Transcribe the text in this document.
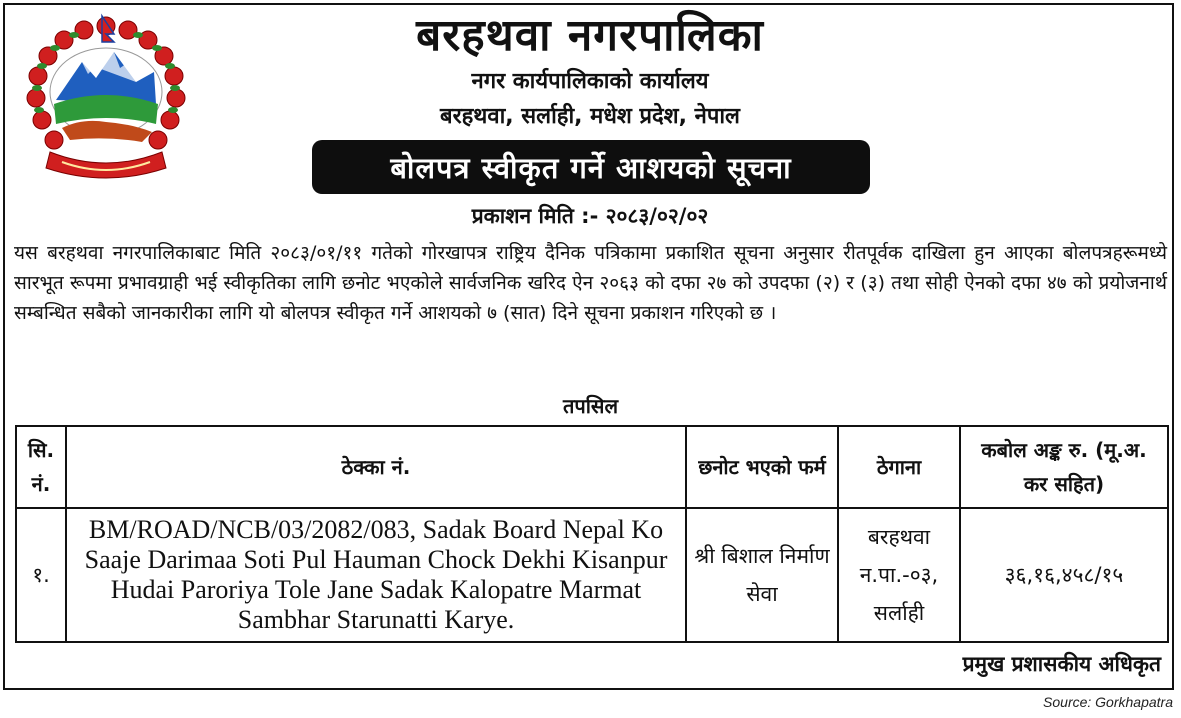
बरहथवा नगरपालिका
नगर कार्यपालिकाको कार्यालय
बरहथवा, सर्लाही, मधेश प्रदेश, नेपाल
बोलपत्र स्वीकृत गर्ने आशयको सूचना
प्रकाशन मिति :- २०८३/०२/०२
यस बरहथवा नगरपालिकाबाट मिति २०८३/०१/११ गतेको गोरखापत्र राष्ट्रिय दैनिक पत्रिकामा प्रकाशित सूचना अनुसार रीतपूर्वक दाखिला हुन आएका बोलपत्रहरूमध्ये सारभूत रूपमा प्रभावग्राही भई स्वीकृतिका लागि छनोट भएकोले सार्वजनिक खरिद ऐन २०६३ को दफा २७ को उपदफा (२) र (३) तथा सोही ऐनको दफा ४७ को प्रयोजनार्थ सम्बन्धित सबैको जानकारीका लागि यो बोलपत्र स्वीकृत गर्ने आशयको ७ (सात) दिने सूचना प्रकाशन गरिएको छ ।
तपसिल
सि. नं.	ठेक्का नं.	छनोट भएको फर्म	ठेगाना	कबोल अङ्क रु. (मू.अ. कर सहित)
१.	BM/ROAD/NCB/03/2082/083, Sadak Board Nepal Ko Saaje Darimaa Soti Pul Hauman Chock Dekhi Kisanpur Hudai Paroriya Tole Jane Sadak Kalopatre Marmat Sambhar Starunatti Karye.	श्री बिशाल निर्माण सेवा	बरहथवा न.पा.-०३, सर्लाही	३६,१६,४५८/१५
प्रमुख प्रशासकीय अधिकृत
Source: Gorkhapatra
